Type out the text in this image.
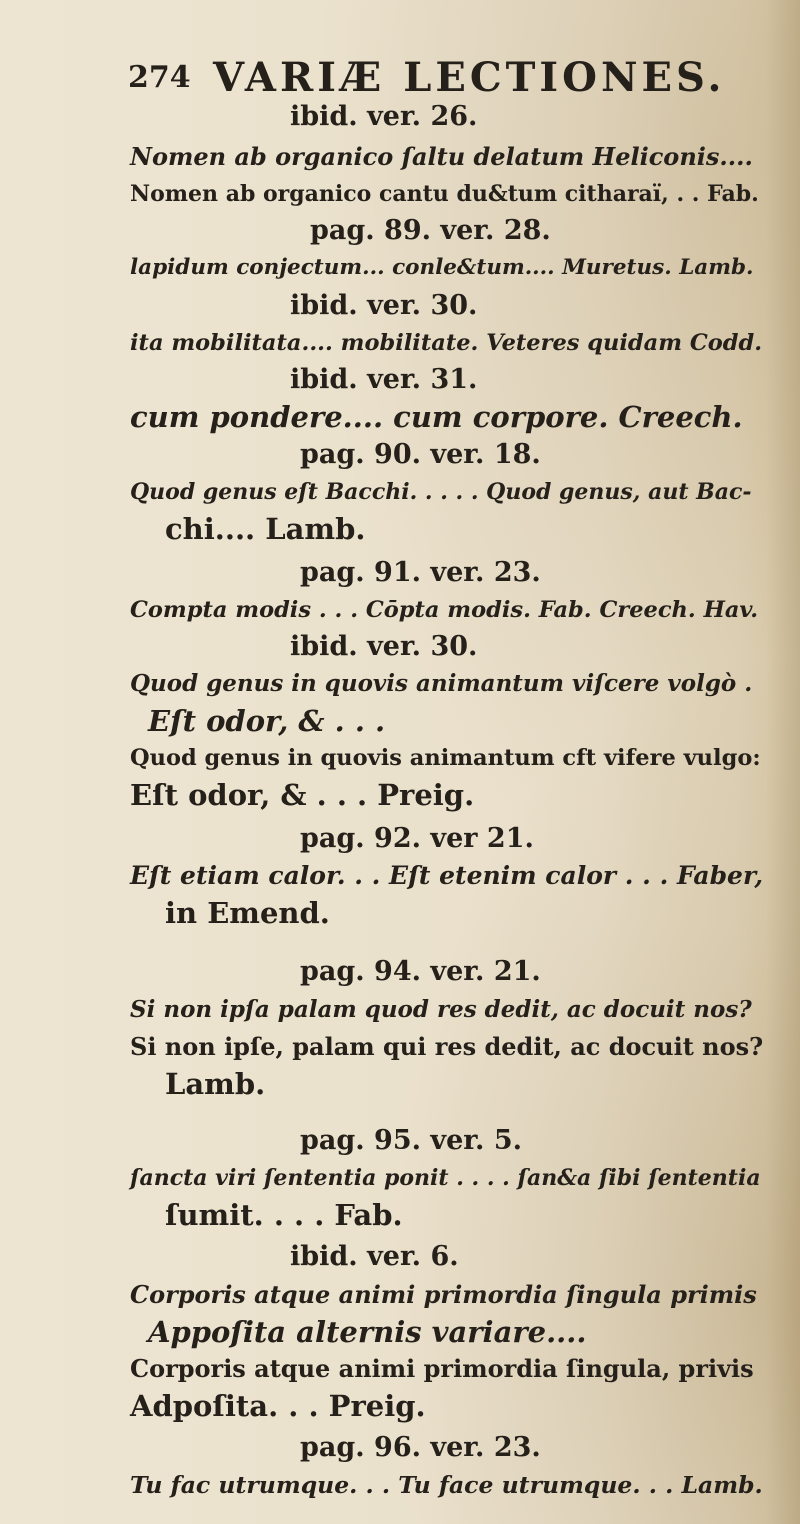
274 VARIÆ LECTIONES.
ibid. ver. 26.
Nomen ab organico ſaltu delatum Heliconis....
Nomen ab organico cantu du&tum citharaï, . . Fab.
pag. 89. ver. 28.
lapidum conjectum... conle&tum.... Muretus. Lamb.
ibid. ver. 30.
ita mobilitata.... mobilitate. Veteres quidam Codd.
ibid. ver. 31.
cum pondere.... cum corpore. Creech.
pag. 90. ver. 18.
Quod genus eſt Bacchi. . . . . Quod genus, aut Bac-
chi.... Lamb.
pag. 91. ver. 23.
Compta modis . . . Cōpta modis. Fab. Creech. Hav.
ibid. ver. 30.
Quod genus in quovis animantum viſcere volgò .
Eſt odor, & . . .
Quod genus in quovis animantum cft vifere vulgo:
Eſt odor, & . . . Preig.
pag. 92. ver 21.
Eſt etiam calor. . . Eſt etenim calor . . . Faber,
in Emend.
pag. 94. ver. 21.
Si non ipſa palam quod res dedit, ac docuit nos?
Si non ipſe, palam qui res dedit, ac docuit nos?
Lamb.
pag. 95. ver. 5.
ſancta viri ſententia ponit . . . . ſan&a ſibi ſententia
ſumit. . . . Fab.
ibid. ver. 6.
Corporis atque animi primordia ſingula primis
Appoſita alternis variare....
Corporis atque animi primordia ſingula, privis
Adpoſita. . . Preig.
pag. 96. ver. 23.
Tu fac utrumque. . . Tu face utrumque. . . Lamb.
